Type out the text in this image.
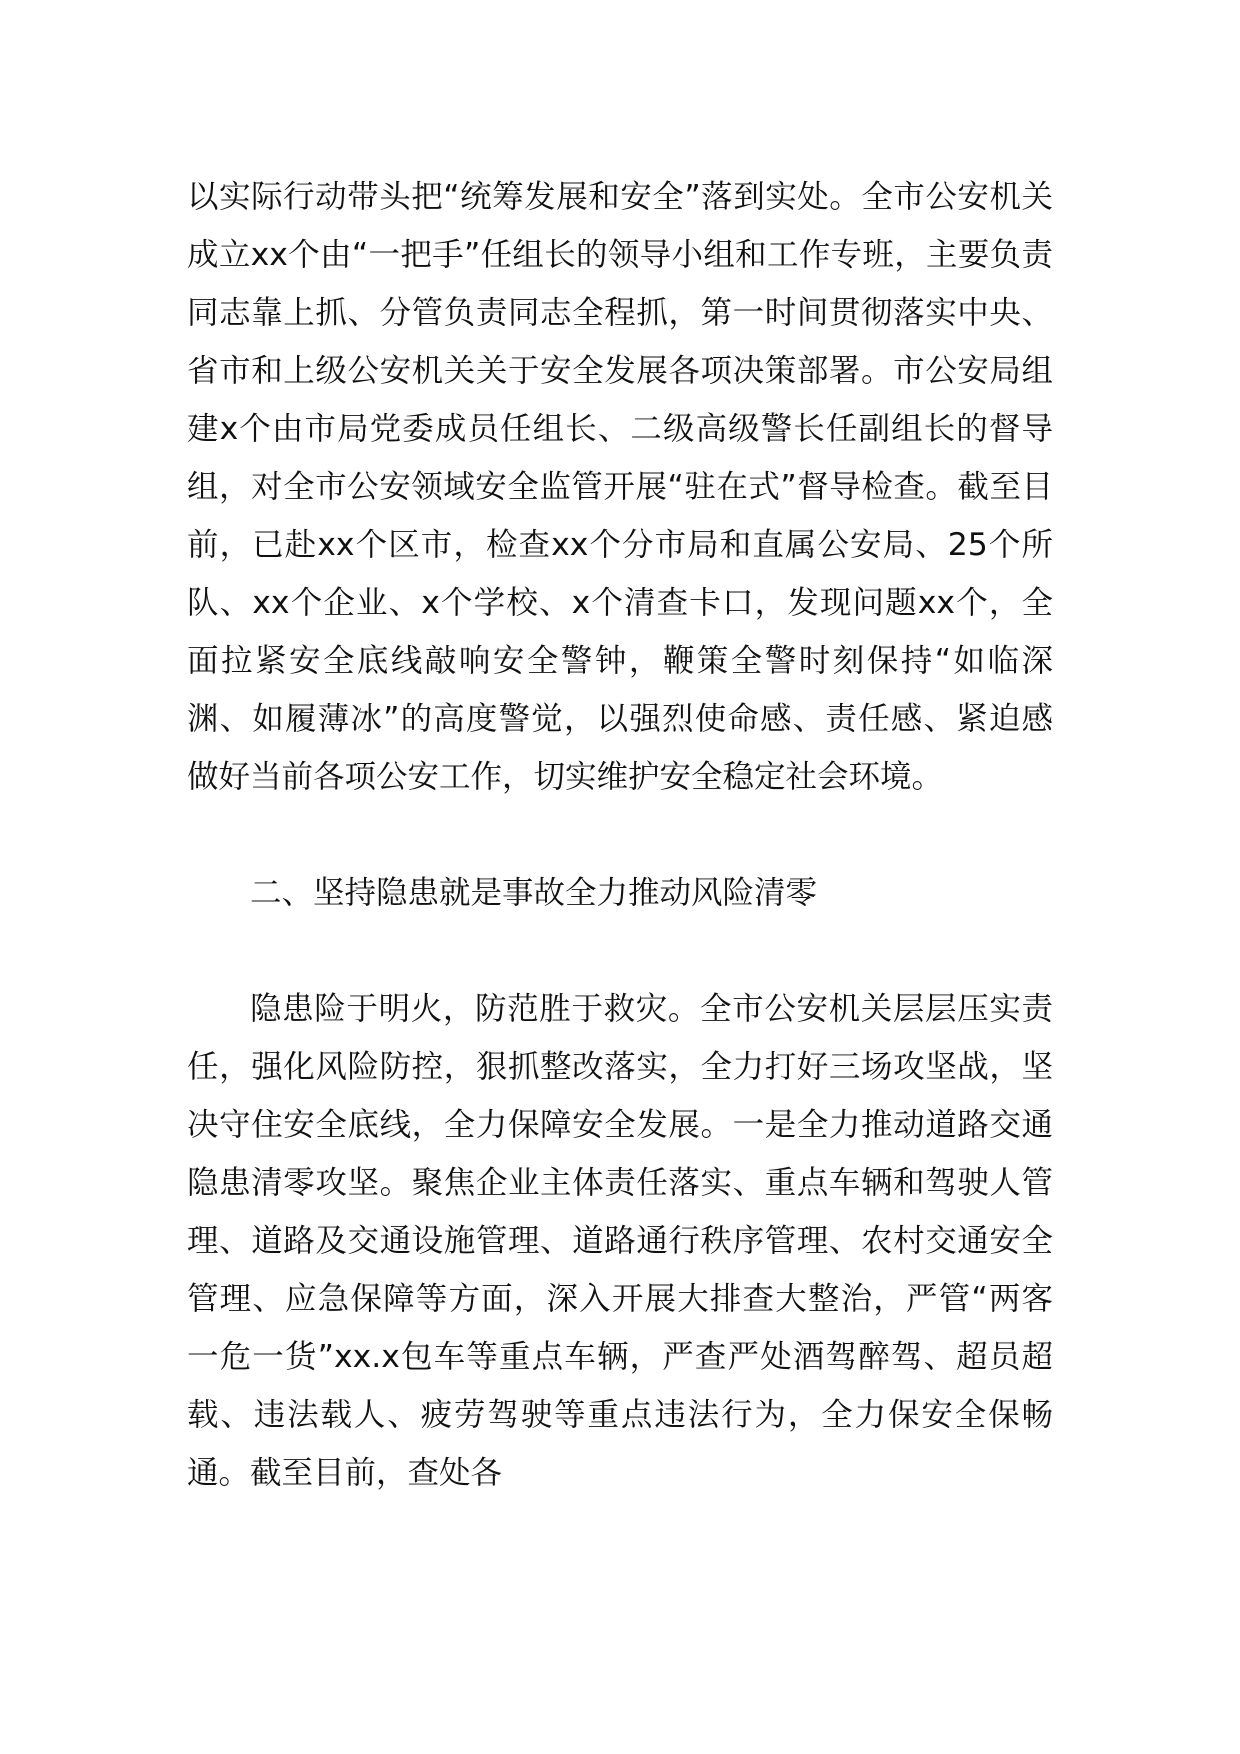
以实际行动带头把“统筹发展和安全”落到实处。全市公安机关成立xx个由“一把手”任组长的领导小组和工作专班，主要负责同志靠上抓、分管负责同志全程抓，第一时间贯彻落实中央、省市和上级公安机关关于安全发展各项决策部署。市公安局组建x个由市局党委成员任组长、二级高级警长任副组长的督导组，对全市公安领域安全监管开展“驻在式”督导检查。截至目前，已赴xx个区市，检查xx个分市局和直属公安局、25个所队、xx个企业、x个学校、x个清查卡口，发现问题xx个，全面拉紧安全底线敲响安全警钟，鞭策全警时刻保持“如临深渊、如履薄冰”的高度警觉，以强烈使命感、责任感、紧迫感做好当前各项公安工作，切实维护安全稳定社会环境。

二、坚持隐患就是事故全力推动风险清零

隐患险于明火，防范胜于救灾。全市公安机关层层压实责任，强化风险防控，狠抓整改落实，全力打好三场攻坚战，坚决守住安全底线，全力保障安全发展。一是全力推动道路交通隐患清零攻坚。聚焦企业主体责任落实、重点车辆和驾驶人管理、道路及交通设施管理、道路通行秩序管理、农村交通安全管理、应急保障等方面，深入开展大排查大整治，严管“两客一危一货”xx.x包车等重点车辆，严查严处酒驾醉驾、超员超载、违法载人、疲劳驾驶等重点违法行为，全力保安全保畅通。截至目前，查处各
